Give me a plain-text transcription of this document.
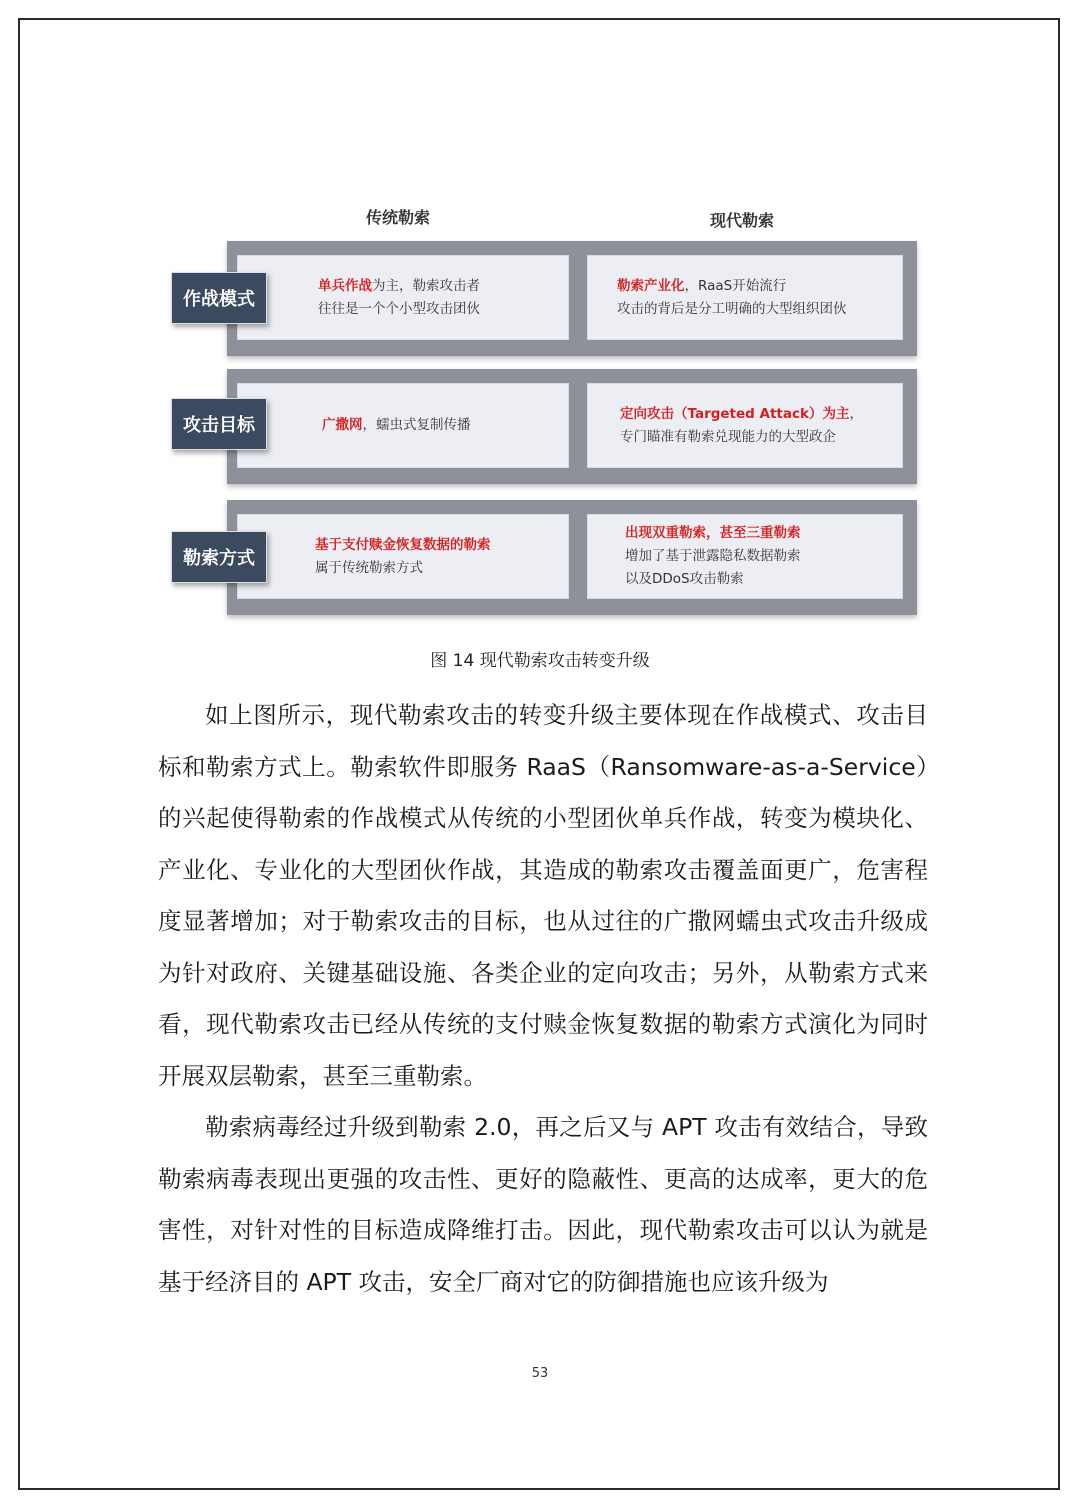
传统勒索	现代勒索
单兵作战为主，勒索攻击者
往往是一个个小型攻击团伙
勒索产业化，RaaS开始流行
攻击的背后是分工明确的大型组织团伙
作战模式
广撒网，蠕虫式复制传播
定向攻击（Targeted Attack）为主，
专门瞄准有勒索兑现能力的大型政企
攻击目标
基于支付赎金恢复数据的勒索
属于传统勒索方式
出现双重勒索，甚至三重勒索
增加了基于泄露隐私数据勒索
以及DDoS攻击勒索
勒索方式
图 14 现代勒索攻击转变升级

如上图所示，现代勒索攻击的转变升级主要体现在作战模式、攻击目标和勒索方式上。勒索软件即服务 RaaS（Ransomware-as-a-Service）的兴起使得勒索的作战模式从传统的小型团伙单兵作战，转变为模块化、产业化、专业化的大型团伙作战，其造成的勒索攻击覆盖面更广，危害程度显著增加；对于勒索攻击的目标，也从过往的广撒网蠕虫式攻击升级成为针对政府、关键基础设施、各类企业的定向攻击；另外，从勒索方式来看，现代勒索攻击已经从传统的支付赎金恢复数据的勒索方式演化为同时开展双层勒索，甚至三重勒索。

勒索病毒经过升级到勒索 2.0，再之后又与 APT 攻击有效结合，导致勒索病毒表现出更强的攻击性、更好的隐蔽性、更高的达成率，更大的危害性，对针对性的目标造成降维打击。因此，现代勒索攻击可以认为就是基于经济目的 APT 攻击，安全厂商对它的防御措施也应该升级为

53
